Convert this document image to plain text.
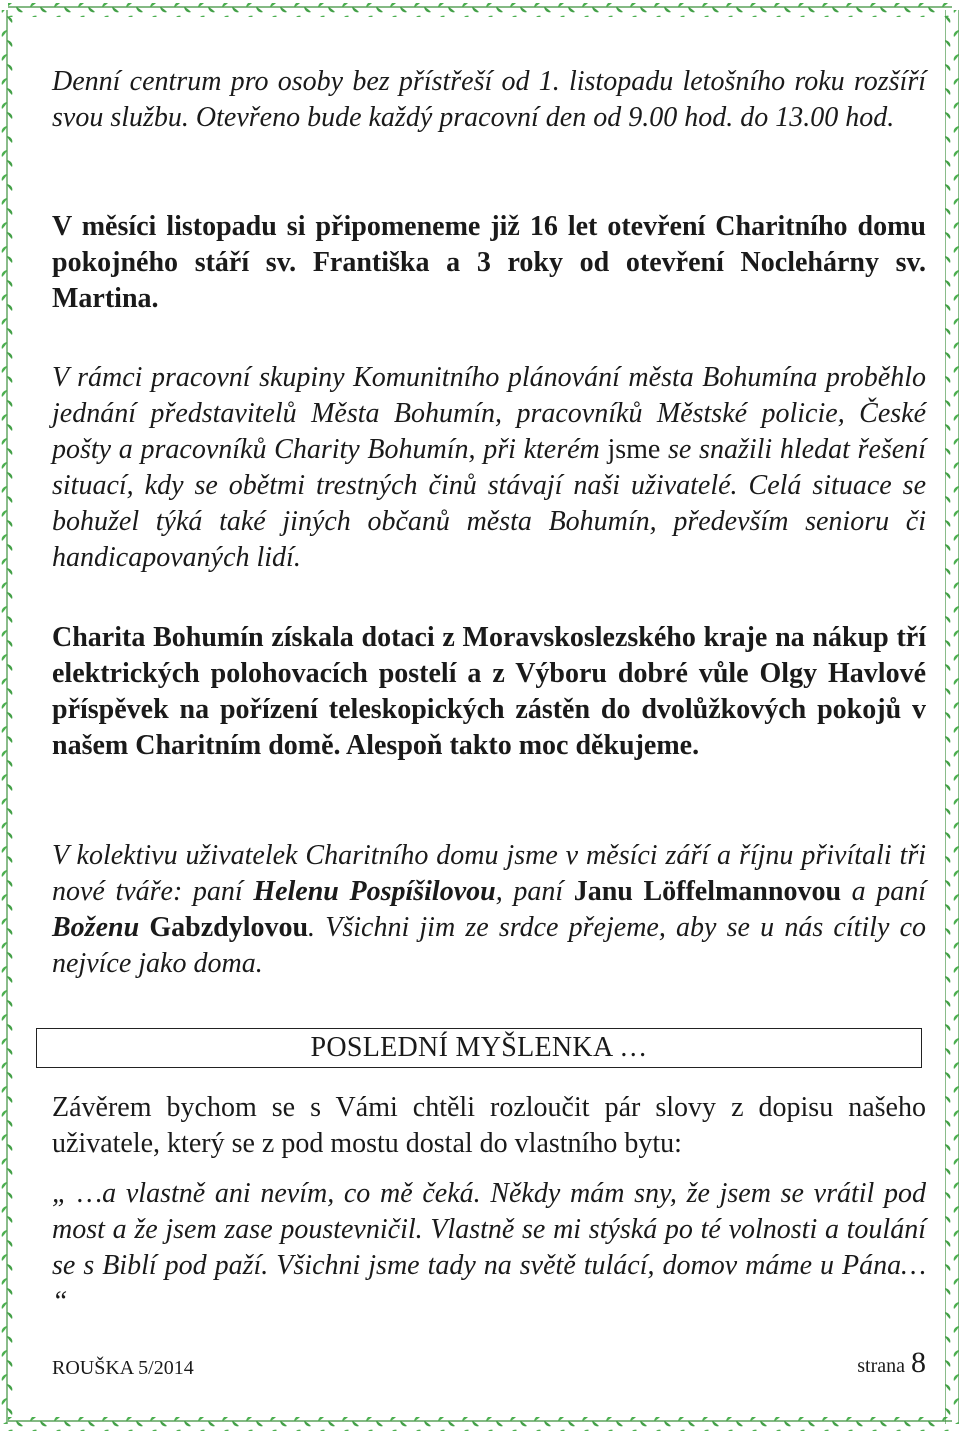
Denní centrum pro osoby bez přístřeší od 1. listopadu letošního roku rozšíří svou službu. Otevřeno bude každý pracovní den od 9.00 hod. do 13.00 hod.

V měsíci listopadu si připomeneme již 16 let otevření Charitního domu pokojného stáří sv. Františka a 3 roky od otevření Noclehárny sv. Martina.

V rámci pracovní skupiny Komunitního plánování města Bohumína proběhlo jednání představitelů Města Bohumín, pracovníků Městské policie, České pošty a pracovníků Charity Bohumín, při kterém jsme se snažili hledat řešení situací, kdy se obětmi trestných činů stávají naši uživatelé. Celá situace se bohužel týká také jiných občanů města Bohumín, především senioru či handicapovaných lidí.

Charita Bohumín získala dotaci z Moravskoslezského kraje na nákup tří elektrických polohovacích postelí a z Výboru dobré vůle Olgy Havlové příspěvek na pořízení teleskopických zástěn do dvolůžkových pokojů v našem Charitním domě. Alespoň takto moc děkujeme.

V kolektivu uživatelek Charitního domu jsme v měsíci září a říjnu přivítali tři nové tváře: paní Helenu Pospíšilovou, paní Janu Löffelmannovou a paní Boženu Gabzdylovou. Všichni jim ze srdce přejeme, aby se u nás cítily co nejvíce jako doma.

POSLEDNÍ MYŠLENKA …

Závěrem bychom se s Vámi chtěli rozloučit pár slovy z dopisu našeho uživatele, který se z pod mostu dostal do vlastního bytu:

„ …a vlastně ani nevím, co mě čeká. Někdy mám sny, že jsem se vrátil pod most a že jsem zase poustevničil. Vlastně se mi stýská po té volnosti a toulání se s Biblí pod paží. Všichni jsme tady na světě tulácí, domov máme u Pána… “

ROUŠKA 5/2014	strana 8
